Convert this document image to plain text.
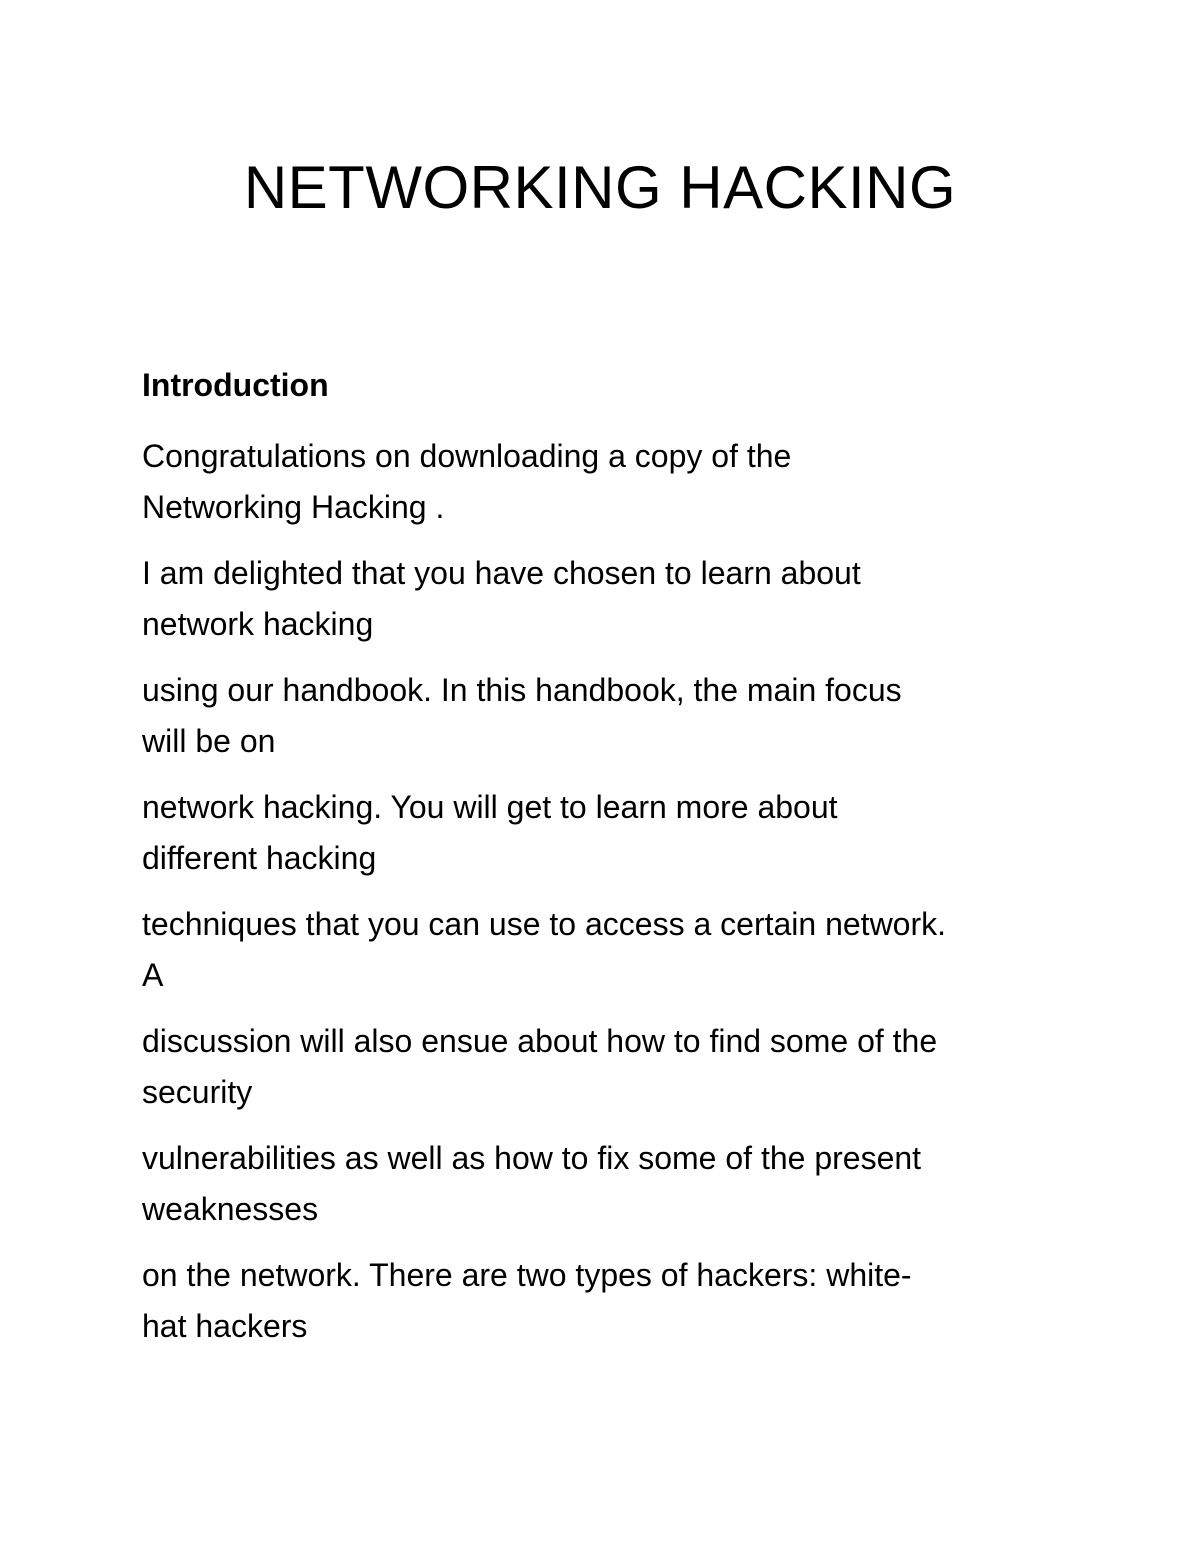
NETWORKING HACKING
Introduction

Congratulations on downloading a copy of the
Networking Hacking .

I am delighted that you have chosen to learn about
network hacking

using our handbook. In this handbook, the main focus
will be on

network hacking. You will get to learn more about
different hacking

techniques that you can use to access a certain network.
A

discussion will also ensue about how to find some of the
security

vulnerabilities as well as how to fix some of the present
weaknesses

on the network. There are two types of hackers: white-
hat hackers
